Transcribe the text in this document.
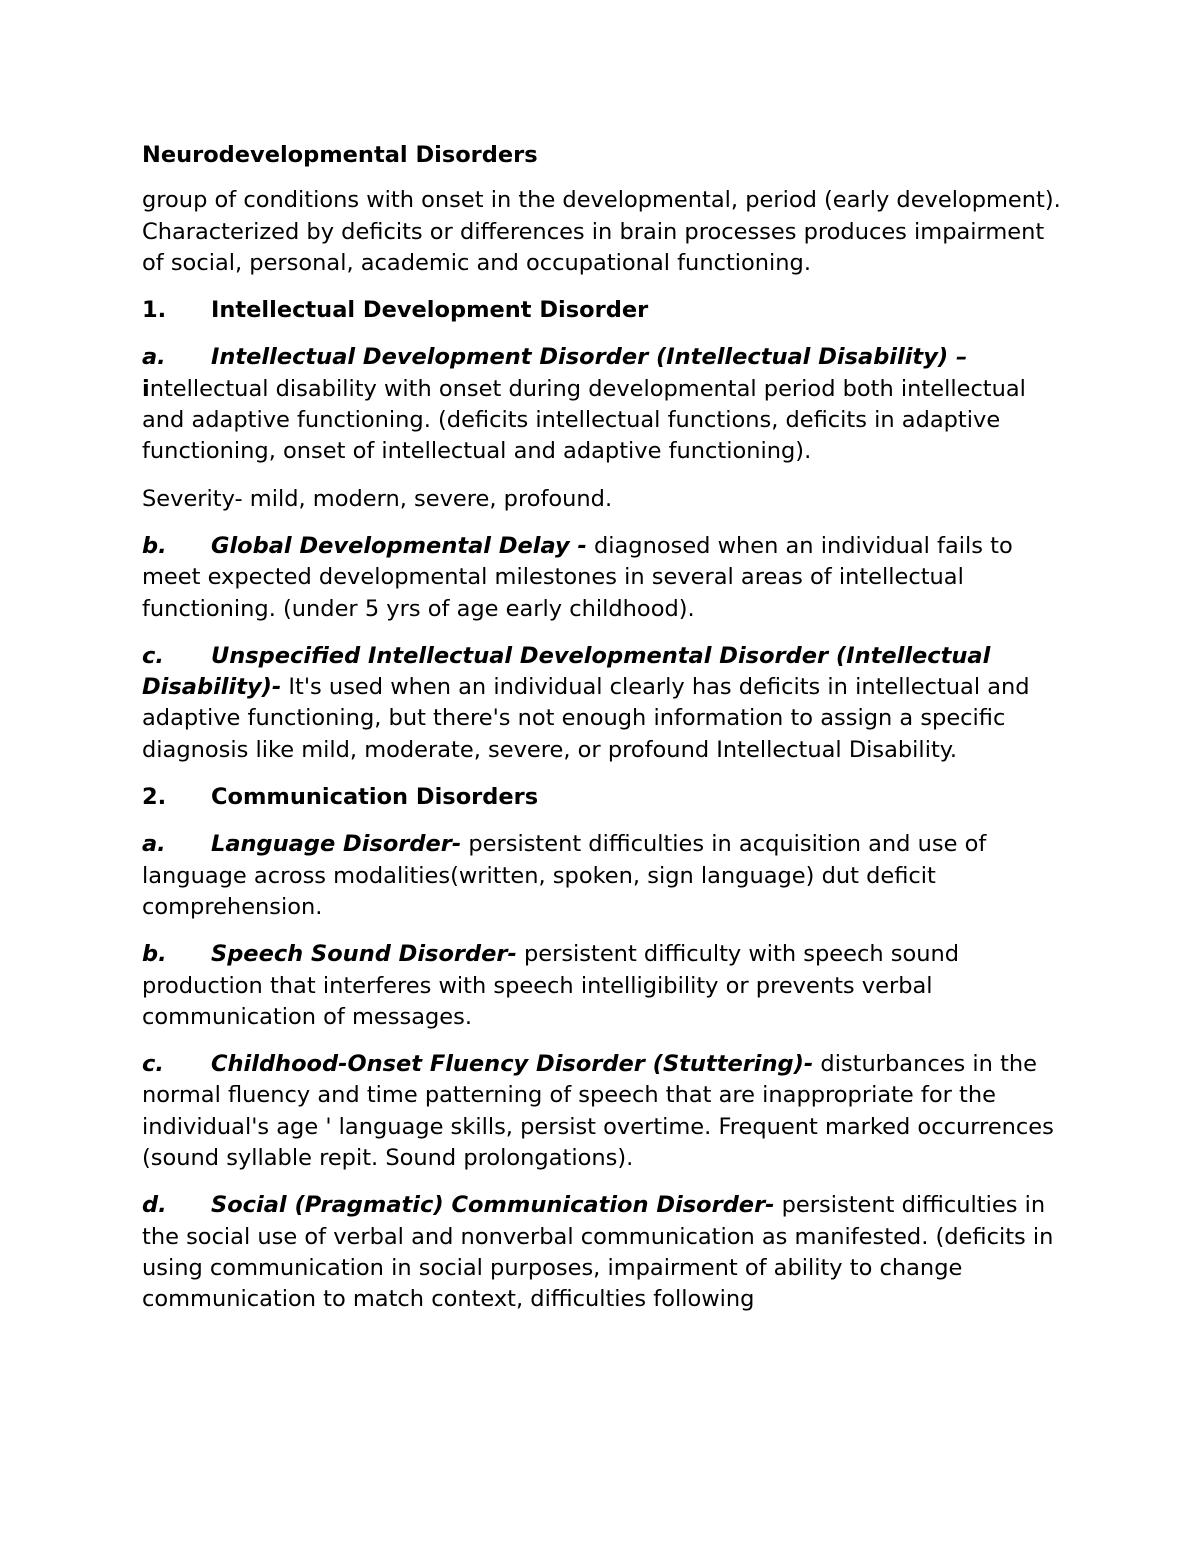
Neurodevelopmental Disorders

group of conditions with onset in the developmental, period (early development). Characterized by deficits or differences in brain processes produces impairment of social, personal, academic and occupational functioning.

1. Intellectual Development Disorder

a. Intellectual Development Disorder (Intellectual Disability) – intellectual disability with onset during developmental period both intellectual and adaptive functioning. (deficits intellectual functions, deficits in adaptive functioning, onset of intellectual and adaptive functioning).

Severity- mild, modern, severe, profound.

b. Global Developmental Delay - diagnosed when an individual fails to meet expected developmental milestones in several areas of intellectual functioning. (under 5 yrs of age early childhood).

c. Unspecified Intellectual Developmental Disorder (Intellectual Disability)- It's used when an individual clearly has deficits in intellectual and adaptive functioning, but there's not enough information to assign a specific diagnosis like mild, moderate, severe, or profound Intellectual Disability.

2. Communication Disorders

a. Language Disorder- persistent difficulties in acquisition and use of language across modalities(written, spoken, sign language) dut deficit comprehension.

b. Speech Sound Disorder- persistent difficulty with speech sound production that interferes with speech intelligibility or prevents verbal communication of messages.

c. Childhood-Onset Fluency Disorder (Stuttering)- disturbances in the normal fluency and time patterning of speech that are inappropriate for the individual's age ' language skills, persist overtime. Frequent marked occurrences (sound syllable repit. Sound prolongations).

d. Social (Pragmatic) Communication Disorder- persistent difficulties in the social use of verbal and nonverbal communication as manifested. (deficits in using communication in social purposes, impairment of ability to change communication to match context, difficulties following
